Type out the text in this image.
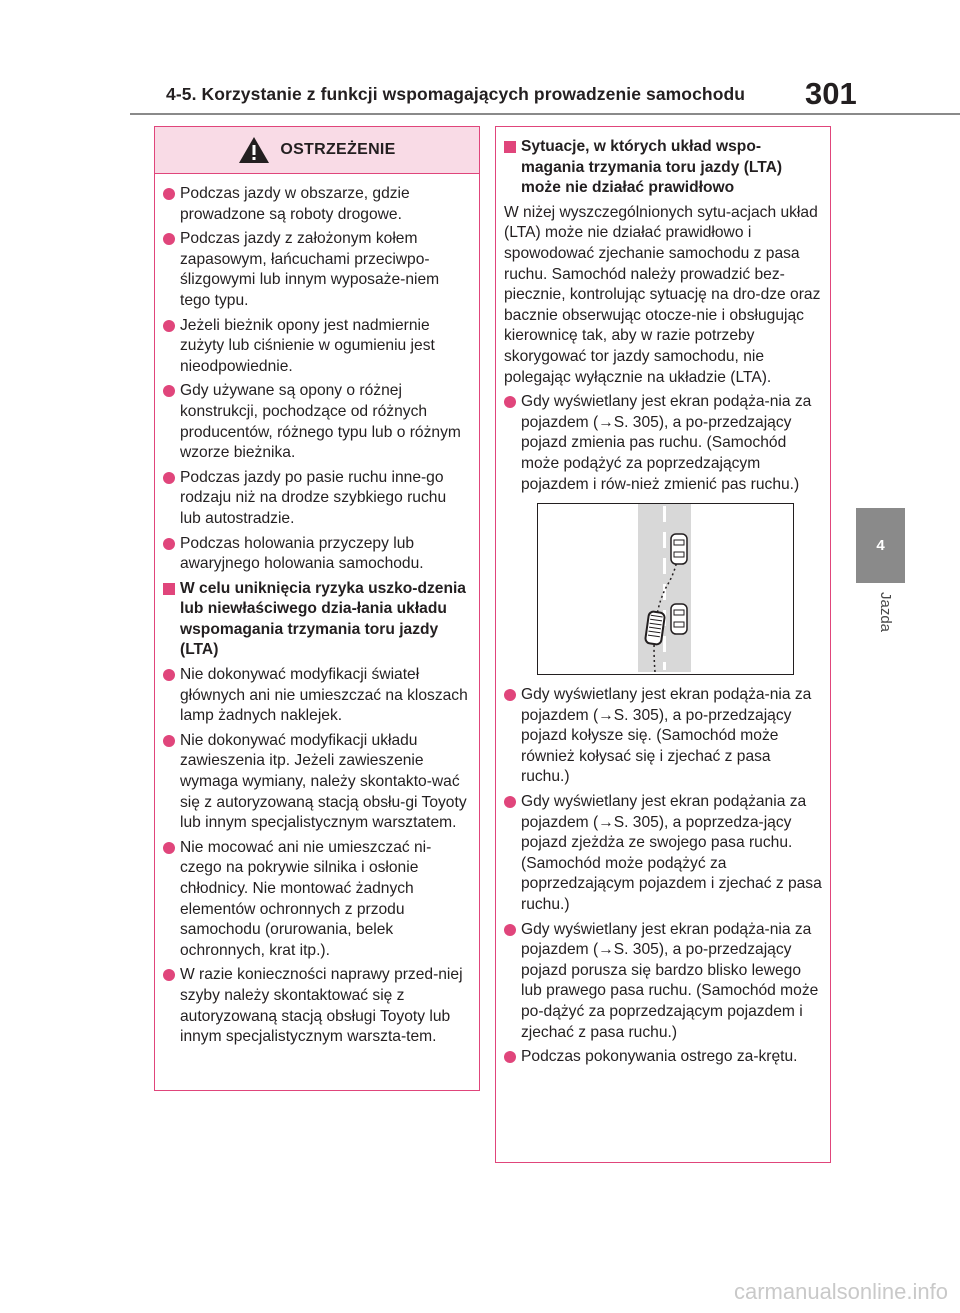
4-5. Korzystanie z funkcji wspomagających prowadzenie samochodu 301
4
Jazda
OSTRZEŻENIE
Podczas jazdy w obszarze, gdzie prowadzone są roboty drogowe.
Podczas jazdy z założonym kołem zapasowym, łańcuchami przeciwpo-ślizgowymi lub innym wyposaże-niem tego typu.
Jeżeli bieżnik opony jest nadmiernie zużyty lub ciśnienie w ogumieniu jest nieodpowiednie.
Gdy używane są opony o różnej konstrukcji, pochodzące od różnych producentów, różnego typu lub o różnym wzorze bieżnika.
Podczas jazdy po pasie ruchu inne-go rodzaju niż na drodze szybkiego ruchu lub autostradzie.
Podczas holowania przyczepy lub awaryjnego holowania samochodu.
W celu uniknięcia ryzyka uszko-dzenia lub niewłaściwego dzia-łania układu wspomagania trzymania toru jazdy (LTA)
Nie dokonywać modyfikacji świateł głównych ani nie umieszczać na kloszach lamp żadnych naklejek.
Nie dokonywać modyfikacji układu zawieszenia itp. Jeżeli zawieszenie wymaga wymiany, należy skontakto-wać się z autoryzowaną stacją obsłu-gi Toyoty lub innym specjalistycznym warsztatem.
Nie mocować ani nie umieszczać ni-czego na pokrywie silnika i osłonie chłodnicy. Nie montować żadnych elementów ochronnych z przodu samochodu (orurowania, belek ochronnych, krat itp.).
W razie konieczności naprawy przed-niej szyby należy skontaktować się z autoryzowaną stacją obsługi Toyoty lub innym specjalistycznym warszta-tem.
Sytuacje, w których układ wspo-magania trzymania toru jazdy (LTA) może nie działać prawidłowo
W niżej wyszczególnionych sytu-acjach układ (LTA) może nie działać prawidłowo i spowodować zjechanie samochodu z pasa ruchu. Samochód należy prowadzić bez-piecznie, kontrolując sytuację na dro-dze oraz bacznie obserwując otocze-nie i obsługując kierownicę tak, aby w razie potrzeby skorygować tor jazdy samochodu, nie polegając wyłącznie na układzie (LTA).
Gdy wyświetlany jest ekran podąża-nia za pojazdem (→S. 305), a po-przedzający pojazd zmienia pas ruchu. (Samochód może podążyć za poprzedzającym pojazdem i rów-nież zmienić pas ruchu.)
Gdy wyświetlany jest ekran podąża-nia za pojazdem (→S. 305), a po-przedzający pojazd kołysze się. (Samochód może również kołysać się i zjechać z pasa ruchu.)
Gdy wyświetlany jest ekran podążania za pojazdem (→S. 305), a poprzedza-jący pojazd zjeżdża ze swojego pasa ruchu. (Samochód może podążyć za poprzedzającym pojazdem i zjechać z pasa ruchu.)
Gdy wyświetlany jest ekran podąża-nia za pojazdem (→S. 305), a po-przedzający pojazd porusza się bardzo blisko lewego lub prawego pasa ruchu. (Samochód może po-dążyć za poprzedzającym pojazdem i zjechać z pasa ruchu.)
Podczas pokonywania ostrego za-krętu.
carmanualsonline.info
